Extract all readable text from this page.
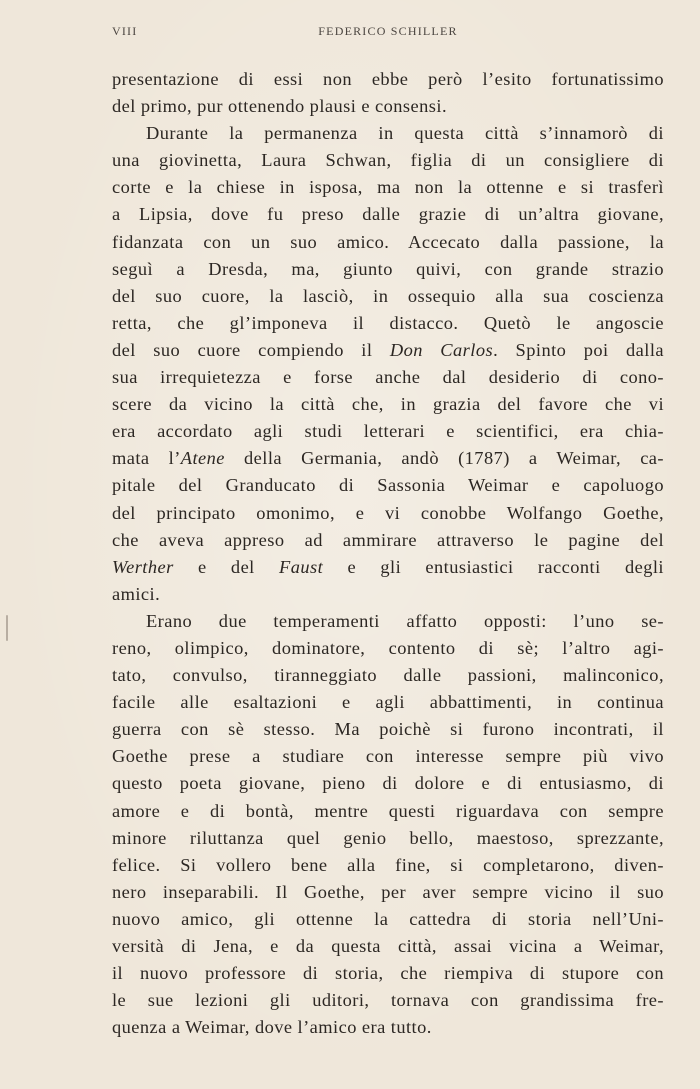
VIII	FEDERICO SCHILLER
presentazione di essi non ebbe però l’esito fortunatissimo
del primo, pur ottenendo plausi e consensi.
Durante la permanenza in questa città s’innamorò di
una giovinetta, Laura Schwan, figlia di un consigliere di
corte e la chiese in isposa, ma non la ottenne e si trasferì
a Lipsia, dove fu preso dalle grazie di un’altra giovane,
fidanzata con un suo amico. Accecato dalla passione, la
seguì a Dresda, ma, giunto quivi, con grande strazio
del suo cuore, la lasciò, in ossequio alla sua coscienza
retta, che gl’imponeva il distacco. Quetò le angoscie
del suo cuore compiendo il Don Carlos. Spinto poi dalla
sua irrequietezza e forse anche dal desiderio di cono-
scere da vicino la città che, in grazia del favore che vi
era accordato agli studi letterari e scientifici, era chia-
mata l’Atene della Germania, andò (1787) a Weimar, ca-
pitale del Granducato di Sassonia Weimar e capoluogo
del principato omonimo, e vi conobbe Wolfango Goethe,
che aveva appreso ad ammirare attraverso le pagine del
Werther e del Faust e gli entusiastici racconti degli
amici.
Erano due temperamenti affatto opposti: l’uno se-
reno, olimpico, dominatore, contento di sè; l’altro agi-
tato, convulso, tiranneggiato dalle passioni, malinconico,
facile alle esaltazioni e agli abbattimenti, in continua
guerra con sè stesso. Ma poichè si furono incontrati, il
Goethe prese a studiare con interesse sempre più vivo
questo poeta giovane, pieno di dolore e di entusiasmo, di
amore e di bontà, mentre questi riguardava con sempre
minore riluttanza quel genio bello, maestoso, sprezzante,
felice. Si vollero bene alla fine, si completarono, diven-
nero inseparabili. Il Goethe, per aver sempre vicino il suo
nuovo amico, gli ottenne la cattedra di storia nell’Uni-
versità di Jena, e da questa città, assai vicina a Weimar,
il nuovo professore di storia, che riempiva di stupore con
le sue lezioni gli uditori, tornava con grandissima fre-
quenza a Weimar, dove l’amico era tutto.
